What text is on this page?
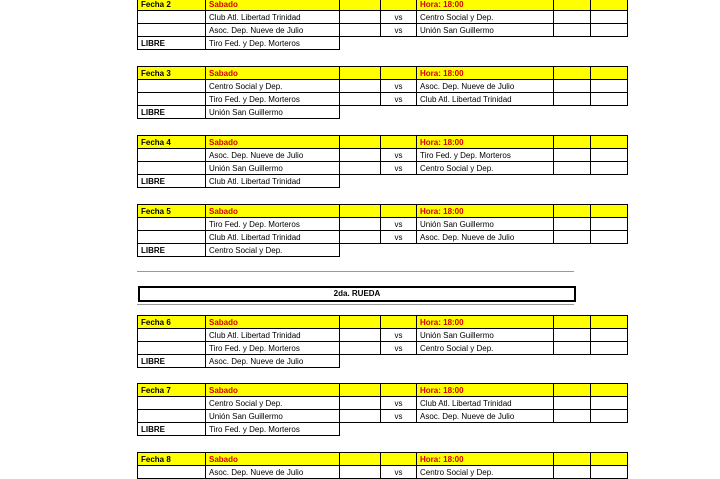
Fecha 2	Sabado			Hora: 18:00		
	Club Atl. Libertad Trinidad		vs	Centro Social y Dep.		
	Asoc. Dep. Nueve de Julio		vs	Unión San Guillermo		
LIBRE	Tiro Fed. y Dep. Morteros					
Fecha 3	Sabado			Hora: 18:00		
	Centro Social y Dep.		vs	Asoc. Dep. Nueve de Julio		
	Tiro Fed. y Dep. Morteros		vs	Club Atl. Libertad Trinidad		
LIBRE	Unión San Guillermo					
Fecha 4	Sabado			Hora: 18:00		
	Asoc. Dep. Nueve de Julio		vs	Tiro Fed. y Dep. Morteros		
	Unión San Guillermo		vs	Centro Social y Dep.		
LIBRE	Club Atl. Libertad Trinidad					
Fecha 5	Sabado			Hora: 18:00		
	Tiro Fed. y Dep. Morteros		vs	Unión San Guillermo		
	Club Atl. Libertad Trinidad		vs	Asoc. Dep. Nueve de Julio		
LIBRE	Centro Social y Dep.					
2da. RUEDA
Fecha 6	Sabado			Hora: 18:00		
	Club Atl. Libertad Trinidad		vs	Unión San Guillermo		
	Tiro Fed. y Dep. Morteros		vs	Centro Social y Dep.		
LIBRE	Asoc. Dep. Nueve de Julio					
Fecha 7	Sabado			Hora: 18:00		
	Centro Social y Dep.		vs	Club Atl. Libertad Trinidad		
	Unión San Guillermo		vs	Asoc. Dep. Nueve de Julio		
LIBRE	Tiro Fed. y Dep. Morteros					
Fecha 8	Sabado			Hora: 18:00		
	Asoc. Dep. Nueve de Julio		vs	Centro Social y Dep.		
